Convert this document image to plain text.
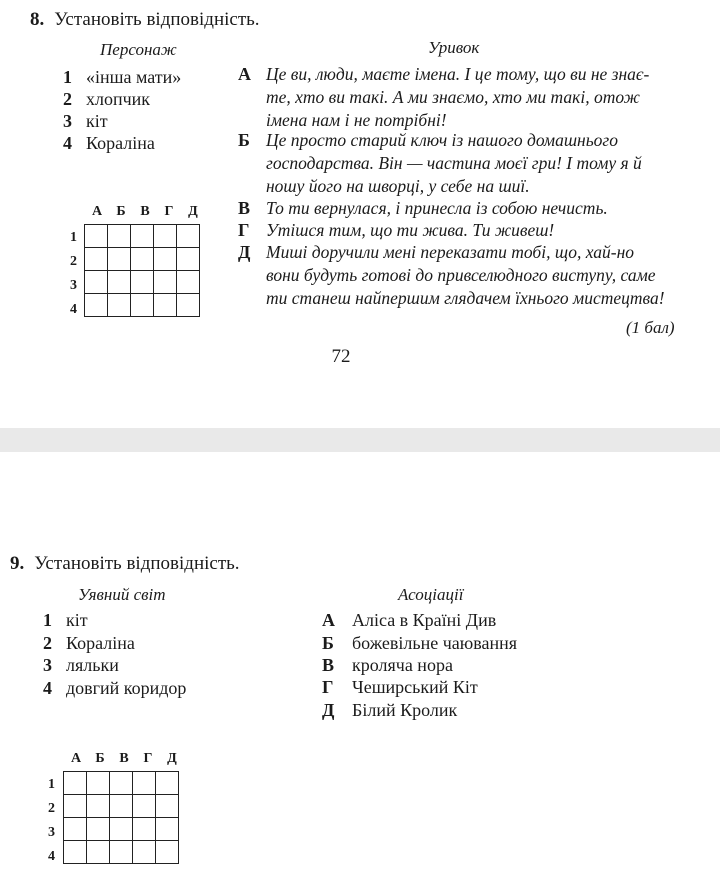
8. Установіть відповідність.
Персонаж	Уривок
1 «інша мати»
2 хлопчик
3 кіт
4 Кораліна
А Це ви, люди, маєте імена. І це тому, що ви не знає-
те, хто ви такі. А ми знаємо, хто ми такі, отож
імена нам і не потрібні!
Б Це просто старий ключ із нашого домашнього
господарства. Він — частина моєї гри! І тому я й
ношу його на шворці, у себе на шиї.
В То ти вернулася, і принесла із собою нечисть.
Г Утішся тим, що ти жива. Ти живеш!
Д Миші доручили мені переказати тобі, що, хай-но
вони будуть готові до привселюдного виступу, саме
ти станеш найпершим глядачем їхнього мистецтва!
А	Б	В	Г	Д
1
2
3
4

(1 бал)
72
9. Установіть відповідність.
Уявний світ	Асоціації
1 кіт
2 Кораліна
3 ляльки
4 довгий коридор
А Аліса в Країні Див
Б божевільне чаювання
В кроляча нора
Г Чеширський Кіт
Д Білий Кролик
А	Б	В	Г	Д
1
2
3
4
